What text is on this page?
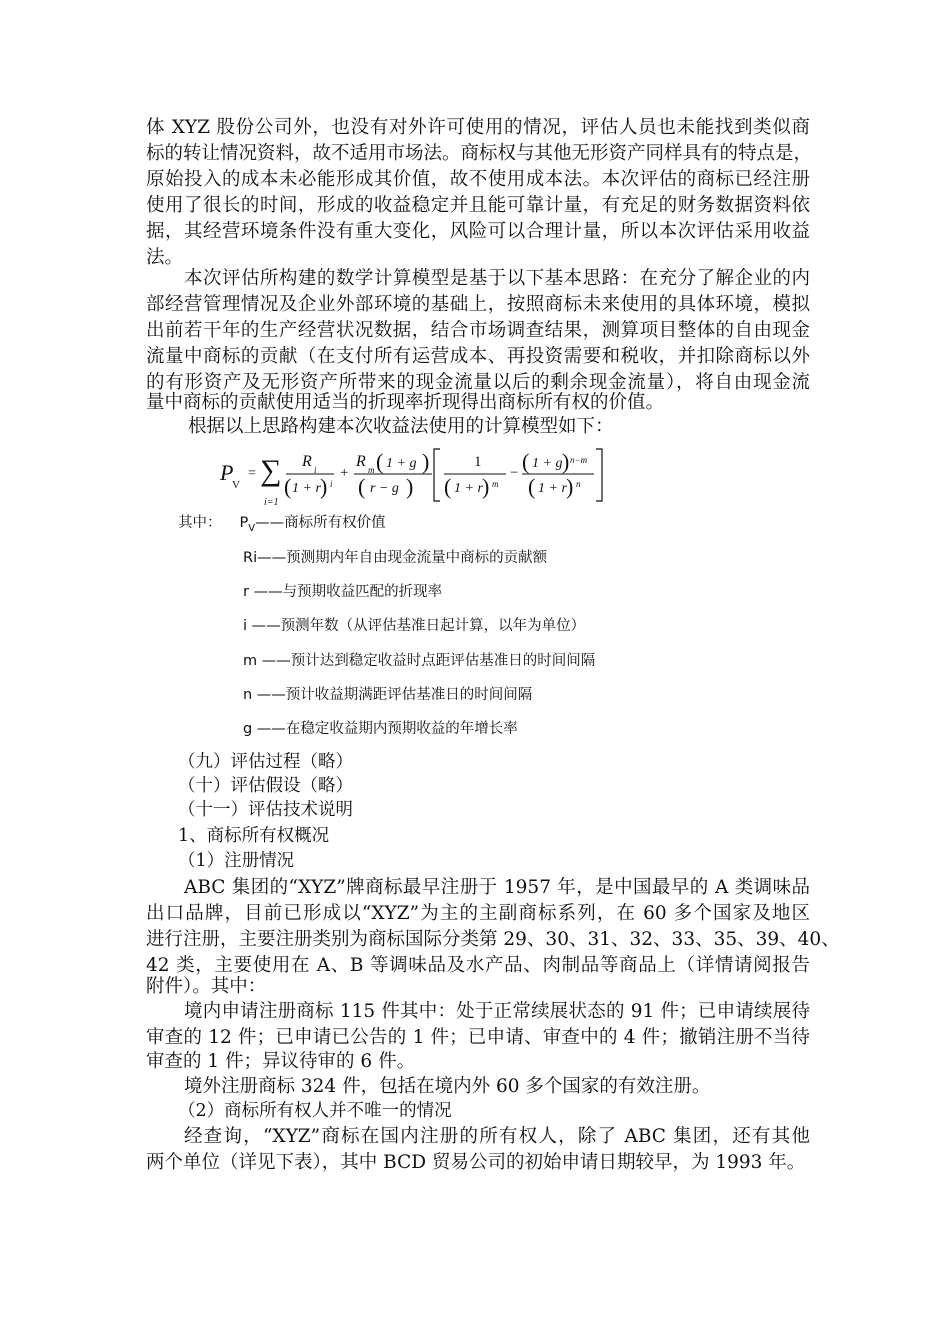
体 XYZ 股份公司外，也没有对外许可使用的情况，评估人员也未能找到类似商
标的转让情况资料，故不适用市场法。商标权与其他无形资产同样具有的特点是，
原始投入的成本未必能形成其价值，故不使用成本法。本次评估的商标已经注册
使用了很长的时间，形成的收益稳定并且能可靠计量，有充足的财务数据资料依
据，其经营环境条件没有重大变化，风险可以合理计量，所以本次评估采用收益
法。
本次评估所构建的数学计算模型是基于以下基本思路：在充分了解企业的内
部经营管理情况及企业外部环境的基础上，按照商标未来使用的具体环境，模拟
出前若干年的生产经营状况数据，结合市场调查结果，测算项目整体的自由现金
流量中商标的贡献（在支付所有运营成本、再投资需要和税收，并扣除商标以外
的有形资产及无形资产所带来的现金流量以后的剩余现金流量），将自由现金流
量中商标的贡献使用适当的折现率折现得出商标所有权的价值。
根据以上思路构建本次收益法使用的计算模型如下：
P
V
= ∑
i=1
R i
( 1 + r ) i
+
R m ( 1 + g )
( r − g )
1
( 1 + r ) m
− ( 1 + g ) n−m
( 1 + r ) n
其中： $P_V——$商标所有权价值
Ri——预测期内年自由现金流量中商标的贡献额
r ——与预期收益匹配的折现率
i ——预测年数（从评估基准日起计算，以年为单位）
m ——预计达到稳定收益时点距评估基准日的时间间隔
n ——预计收益期满距评估基准日的时间间隔
g ——在稳定收益期内预期收益的年增长率
（九）评估过程（略）
（十）评估假设（略）
（十一）评估技术说明
1、商标所有权概况
（1）注册情况
ABC 集团的“XYZ”牌商标最早注册于 1957 年，是中国最早的 A 类调味品
出口品牌，目前已形成以“XYZ”为主的主副商标系列，在 60 多个国家及地区
进行注册，主要注册类别为商标国际分类第 29、30、31、32、33、35、39、40、
42 类，主要使用在 A、B 等调味品及水产品、肉制品等商品上（详情请阅报告
附件）。其中：
境内申请注册商标 115 件其中：处于正常续展状态的 91 件；已申请续展待
审查的 12 件；已申请已公告的 1 件；已申请、审查中的 4 件；撤销注册不当待
审查的 1 件；异议待审的 6 件。
境外注册商标 324 件，包括在境内外 60 多个国家的有效注册。
（2）商标所有权人并不唯一的情况
经查询，“XYZ”商标在国内注册的所有权人，除了 ABC 集团，还有其他
两个单位（详见下表），其中 BCD 贸易公司的初始申请日期较早，为 1993 年。
